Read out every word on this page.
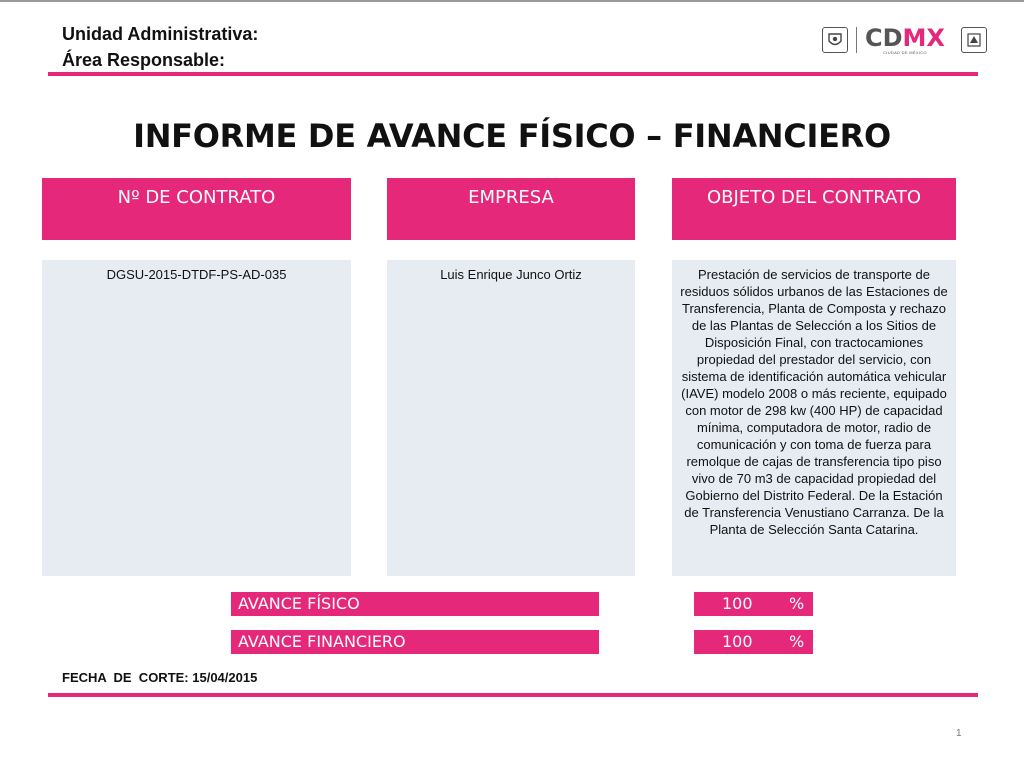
Unidad Administrativa:
Área Responsable:
CDMX
CIUDAD DE MÉXICO
INFORME DE AVANCE FÍSICO – FINANCIERO
Nº DE CONTRATO	EMPRESA	OBJETO DEL CONTRATO
DGSU-2015-DTDF-PS-AD-035	Luis Enrique Junco Ortiz	Prestación de servicios de transporte de residuos sólidos urbanos de las Estaciones de Transferencia, Planta de Composta y rechazo de las Plantas de Selección a los Sitios de Disposición Final, con tractocamiones propiedad del prestador del servicio, con sistema de identificación automática vehicular (IAVE) modelo 2008 o más reciente, equipado con motor de 298 kw (400 HP) de capacidad mínima, computadora de motor, radio de comunicación y con toma de fuerza para remolque de cajas de transferencia tipo piso vivo de 70 m3 de capacidad propiedad del Gobierno del Distrito Federal. De la Estación de Transferencia Venustiano Carranza. De la Planta de Selección Santa Catarina.
AVANCE FÍSICO	100 %
AVANCE FINANCIERO	100 %
FECHA  DE  CORTE: 15/04/2015
1
